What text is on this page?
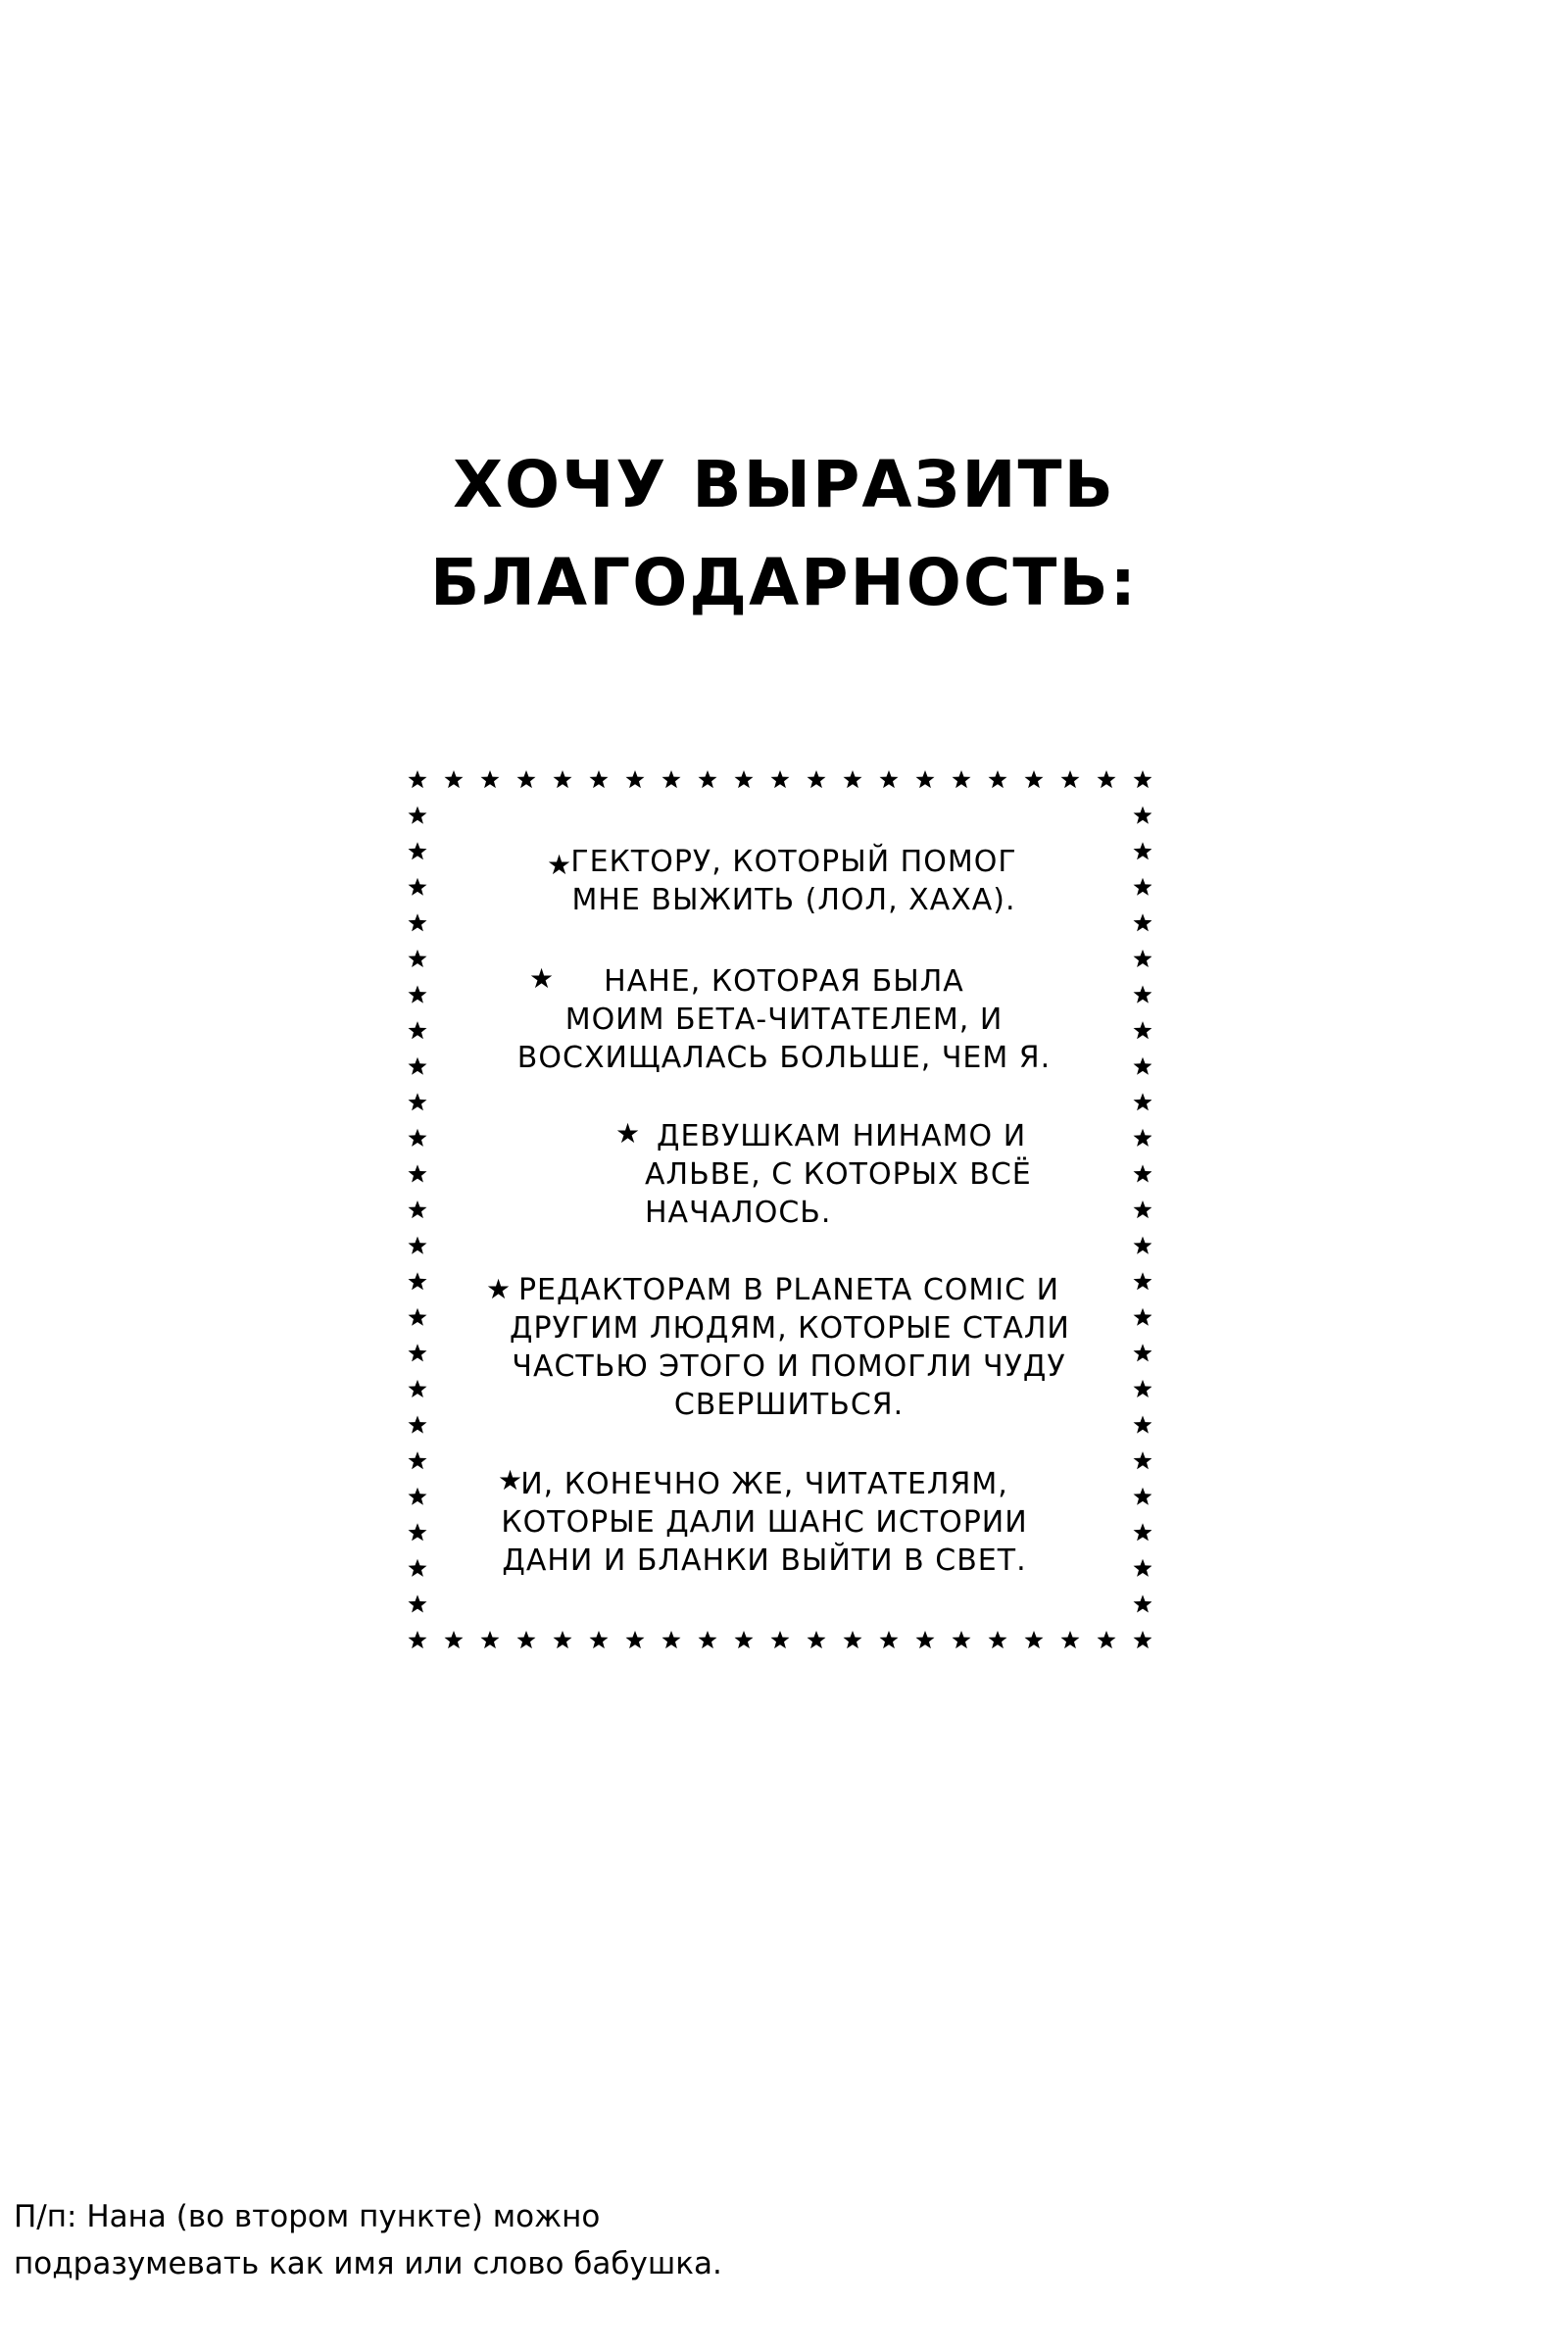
ХОЧУ ВЫРАЗИТЬ
БЛАГОДАРНОСТЬ:
★ ГЕКТОРУ, КОТОРЫЙ ПОМОГ
МНЕ ВЫЖИТЬ (ЛОЛ, ХАХА).
★	НАНЕ, КОТОРАЯ БЫЛА
МОИМ БЕТА-ЧИТАТЕЛЕМ, И
ВОСХИЩАЛАСЬ БОЛЬШЕ, ЧЕМ Я.
★ ДЕВУШКАМ НИНАМО И
АЛЬВЕ, С КОТОРЫХ ВСЁ
НАЧАЛОСЬ.
★ РЕДАКТОРАМ В PLANETA COMIC И
ДРУГИМ ЛЮДЯМ, КОТОРЫЕ СТАЛИ
ЧАСТЬЮ ЭТОГО И ПОМОГЛИ ЧУДУ
СВЕРШИТЬСЯ.
★
И, КОНЕЧНО ЖЕ, ЧИТАТЕЛЯМ,
КОТОРЫЕ ДАЛИ ШАНС ИСТОРИИ
ДАНИ И БЛАНКИ ВЫЙТИ В СВЕТ.
П/п: Нана (во втором пункте) можно
подразумевать как имя или слово бабушка.
